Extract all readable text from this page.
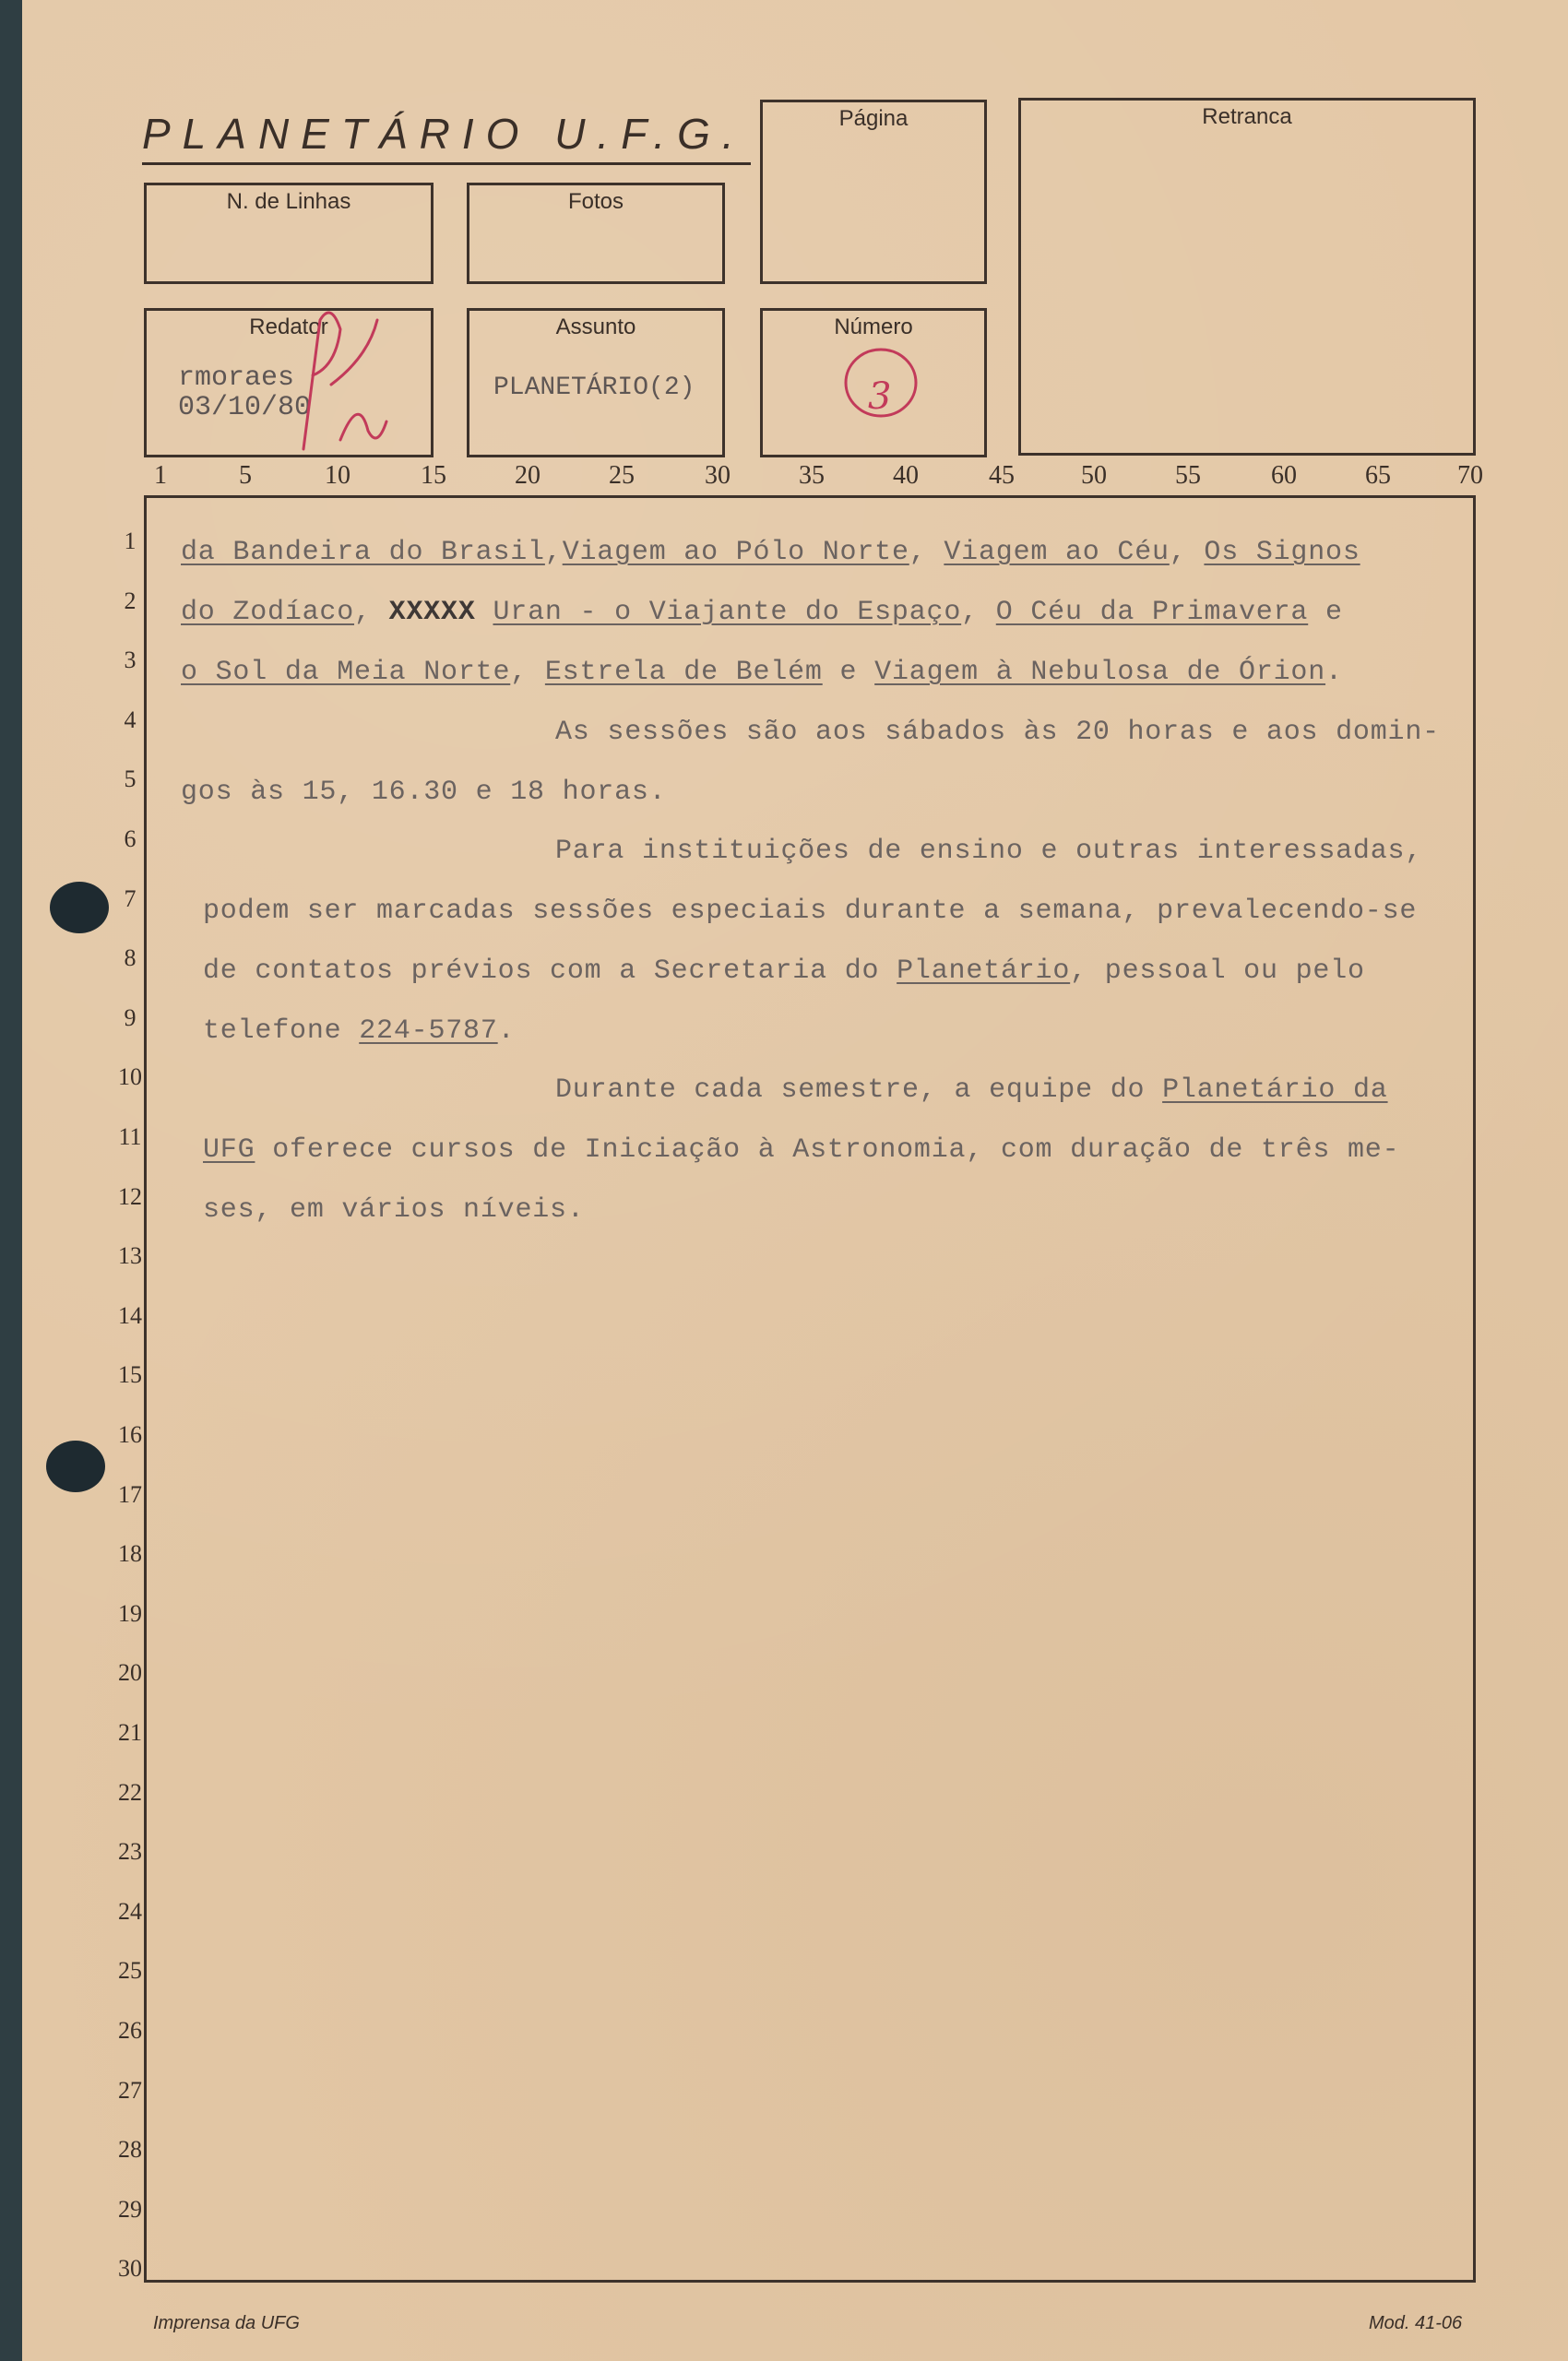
PLANETÁRIO U.F.G.	Página	Retranca
N. de Linhas	Fotos
Redator
rmoraes
03/10/80
Assunto
PLANETÁRIO(2)
Número
3
1	5	10	15	20	25	30	35	40	45	50	55	60	65	70
1
2
3
4
5
6
7
8
9
10
11
12
13
14
15
16
17
18
19
20
21
22
23
24
25
26
27
28
29
30
da Bandeira do Brasil,Viagem ao Pólo Norte, Viagem ao Céu, Os Signos
do Zodíaco, XXXXX Uran - o Viajante do Espaço, O Céu da Primavera e
o Sol da Meia Norte, Estrela de Belém e Viagem à Nebulosa de Órion.
As sessões são aos sábados às 20 horas e aos domin-
gos às 15, 16.30 e 18 horas.
Para instituições de ensino e outras interessadas,
podem ser marcadas sessões especiais durante a semana, prevalecendo-se
de contatos prévios com a Secretaria do Planetário, pessoal ou pelo
telefone 224-5787.
Durante cada semestre, a equipe do Planetário da
UFG oferece cursos de Iniciação à Astronomia, com duração de três me-
ses, em vários níveis.
Imprensa da UFG	Mod. 41-06
